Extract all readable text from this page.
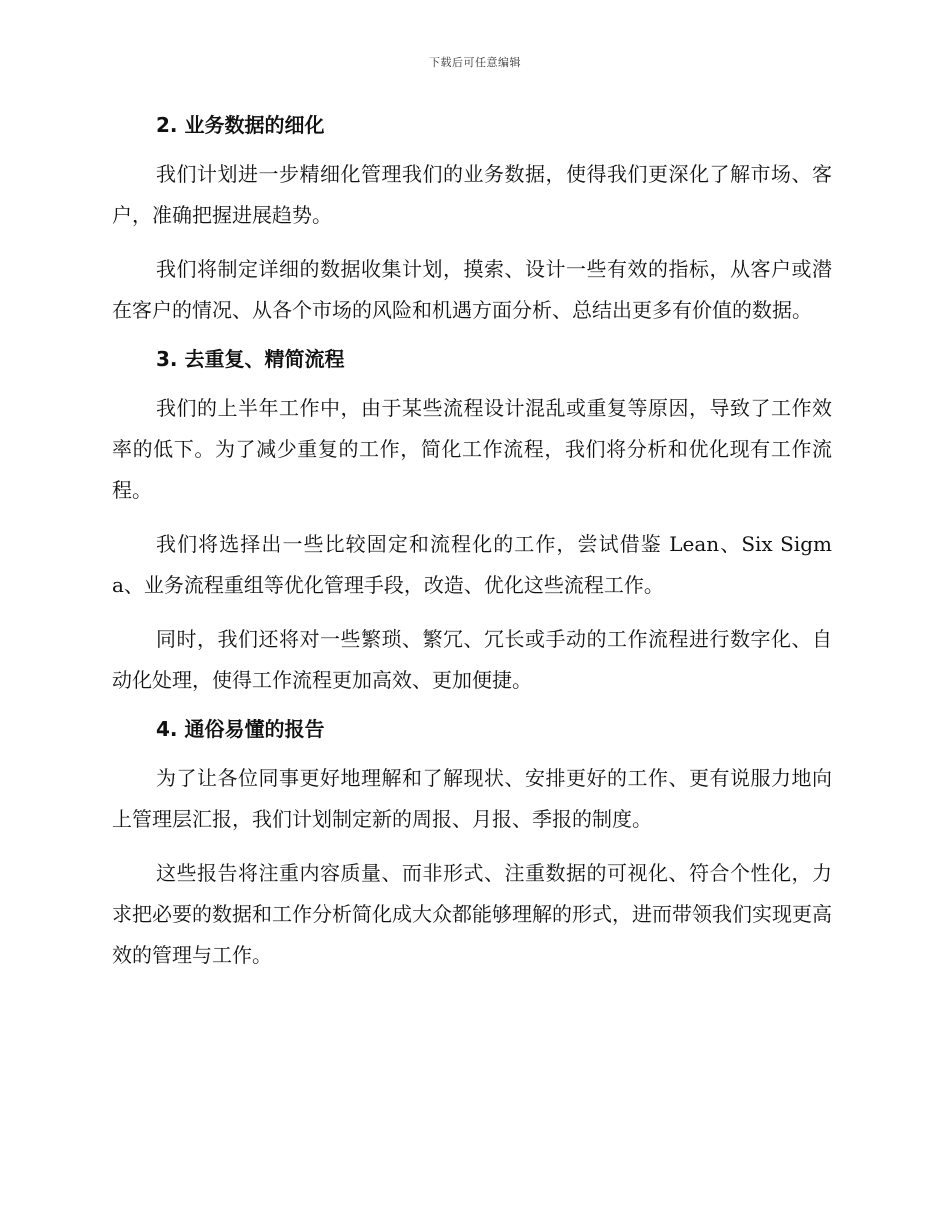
下载后可任意编辑
2. 业务数据的细化

我们计划进一步精细化管理我们的业务数据，使得我们更深化了解市场、客户，准确把握进展趋势。

我们将制定详细的数据收集计划，摸索、设计一些有效的指标，从客户或潜在客户的情况、从各个市场的风险和机遇方面分析、总结出更多有价值的数据。

3. 去重复、精简流程

我们的上半年工作中，由于某些流程设计混乱或重复等原因，导致了工作效率的低下。为了减少重复的工作，简化工作流程，我们将分析和优化现有工作流程。

我们将选择出一些比较固定和流程化的工作，尝试借鉴 Lean、Six Sigma、业务流程重组等优化管理手段，改造、优化这些流程工作。

同时，我们还将对一些繁琐、繁冗、冗长或手动的工作流程进行数字化、自动化处理，使得工作流程更加高效、更加便捷。

4. 通俗易懂的报告

为了让各位同事更好地理解和了解现状、安排更好的工作、更有说服力地向上管理层汇报，我们计划制定新的周报、月报、季报的制度。

这些报告将注重内容质量、而非形式、注重数据的可视化、符合个性化，力求把必要的数据和工作分析简化成大众都能够理解的形式，进而带领我们实现更高效的管理与工作。
